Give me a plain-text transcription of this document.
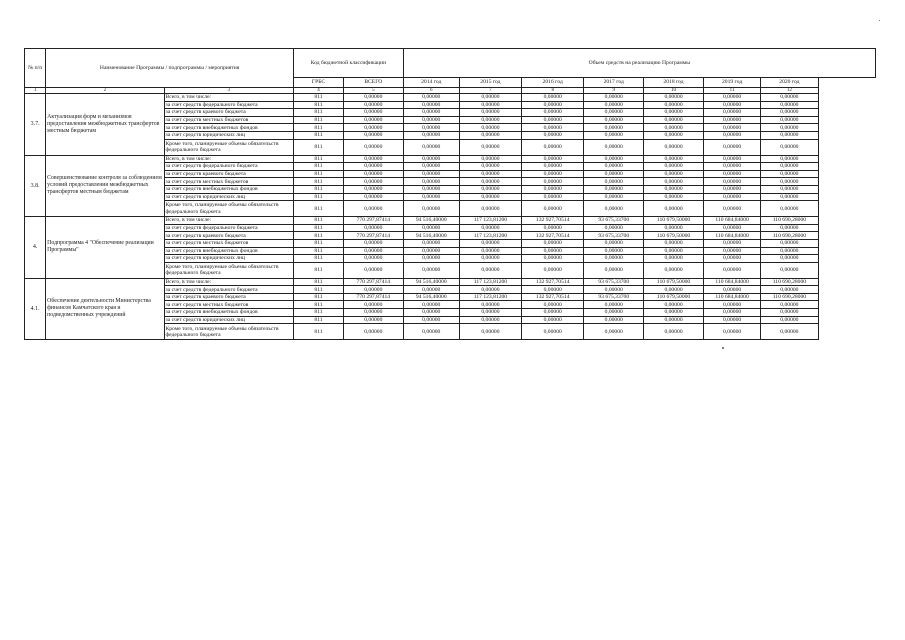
№ п/п	Наименование Программы / подпрограммы / мероприятия		Код бюджетной классификации		Объем средств на реализацию Программы						
			ГРБС	ВСЕГО	2014 год	2015 год	2016 год	2017 год	2018 год	2019 год	2020 год
1	2	3	4	5	6	7	8	9	10	11	12
3.7.	Актуализация форм и механизмов предоставления межбюджетных трансфертов местным бюджетам	Всего, в том числе:	811	0,00000	0,00000	0,00000	0,00000	0,00000	0,00000	0,00000	0,00000
		за счет средств федерального бюджета	811	0,00000	0,00000	0,00000	0,00000	0,00000	0,00000	0,00000	0,00000
		за счет средств краевого бюджета	811	0,00000	0,00000	0,00000	0,00000	0,00000	0,00000	0,00000	0,00000
		за счет средств местных бюджетов	811	0,00000	0,00000	0,00000	0,00000	0,00000	0,00000	0,00000	0,00000
		за счет средств внебюджетных фондов	811	0,00000	0,00000	0,00000	0,00000	0,00000	0,00000	0,00000	0,00000
		за счет средств юридических лиц	811	0,00000	0,00000	0,00000	0,00000	0,00000	0,00000	0,00000	0,00000
		Кроме того, планируемые объемы обязательств федерального бюджета	811	0,00000	0,00000	0,00000	0,00000	0,00000	0,00000	0,00000	0,00000
3.8.	Совершенствование контроля за соблюдением условий предоставления межбюджетных трансфертов местным бюджетам	Всего, в том числе:	811	0,00000	0,00000	0,00000	0,00000	0,00000	0,00000	0,00000	0,00000
		за счет средств федерального бюджета	811	0,00000	0,00000	0,00000	0,00000	0,00000	0,00000	0,00000	0,00000
		за счет средств краевого бюджета	811	0,00000	0,00000	0,00000	0,00000	0,00000	0,00000	0,00000	0,00000
		за счет средств местных бюджетов	811	0,00000	0,00000	0,00000	0,00000	0,00000	0,00000	0,00000	0,00000
		за счет средств внебюджетных фондов	811	0,00000	0,00000	0,00000	0,00000	0,00000	0,00000	0,00000	0,00000
		за счет средств юридических лиц	811	0,00000	0,00000	0,00000	0,00000	0,00000	0,00000	0,00000	0,00000
		Кроме того, планируемые объемы обязательств федерального бюджета	811	0,00000	0,00000	0,00000	0,00000	0,00000	0,00000	0,00000	0,00000
4.	Подпрограмма 4 "Обеспечение реализации Программы"	Всего, в том числе:	811	770 297,87414	94 516,40000	117 123,81200	132 927,70514	93 675,33700	110 679,50000	110 684,84000	110 690,28000
		за счет средств федерального бюджета	811	0,00000	0,00000	0,00000	0,00000	0,00000	0,00000	0,00000	0,00000
		за счет средств краевого бюджета	811	770 297,87414	94 516,40000	117 123,81200	132 927,70514	93 675,33700	110 679,50000	110 684,84000	110 690,28000
		за счет средств местных бюджетов	811	0,00000	0,00000	0,00000	0,00000	0,00000	0,00000	0,00000	0,00000
		за счет средств внебюджетных фондов	811	0,00000	0,00000	0,00000	0,00000	0,00000	0,00000	0,00000	0,00000
		за счет средств юридических лиц	811	0,00000	0,00000	0,00000	0,00000	0,00000	0,00000	0,00000	0,00000
		Кроме того, планируемые объемы обязательств федерального бюджета	811	0,00000	0,00000	0,00000	0,00000	0,00000	0,00000	0,00000	0,00000
4.1.	Обеспечение деятельности Министерства финансов Камчатского края и подведомственных учреждений	Всего, в том числе:	811	770 297,87414	94 516,40000	117 123,81200	132 927,70514	93 675,33700	110 679,50000	110 684,84000	110 690,28000
		за счет средств федерального бюджета	811	0,00000	0,00000	0,00000	0,00000	0,00000	0,00000	0,00000	0,00000
		за счет средств краевого бюджета	811	770 297,87414	94 516,40000	117 123,81200	132 927,70514	93 675,33700	110 679,50000	110 684,84000	110 690,28000
		за счет средств местных бюджетов	811	0,00000	0,00000	0,00000	0,00000	0,00000	0,00000	0,00000	0,00000
		за счет средств внебюджетных фондов	811	0,00000	0,00000	0,00000	0,00000	0,00000	0,00000	0,00000	0,00000
		за счет средств юридических лиц	811	0,00000	0,00000	0,00000	0,00000	0,00000	0,00000	0,00000	0,00000
		Кроме того, планируемые объемы обязательств федерального бюджета	811	0,00000	0,00000	0,00000	0,00000	0,00000	0,00000	0,00000	0,00000
